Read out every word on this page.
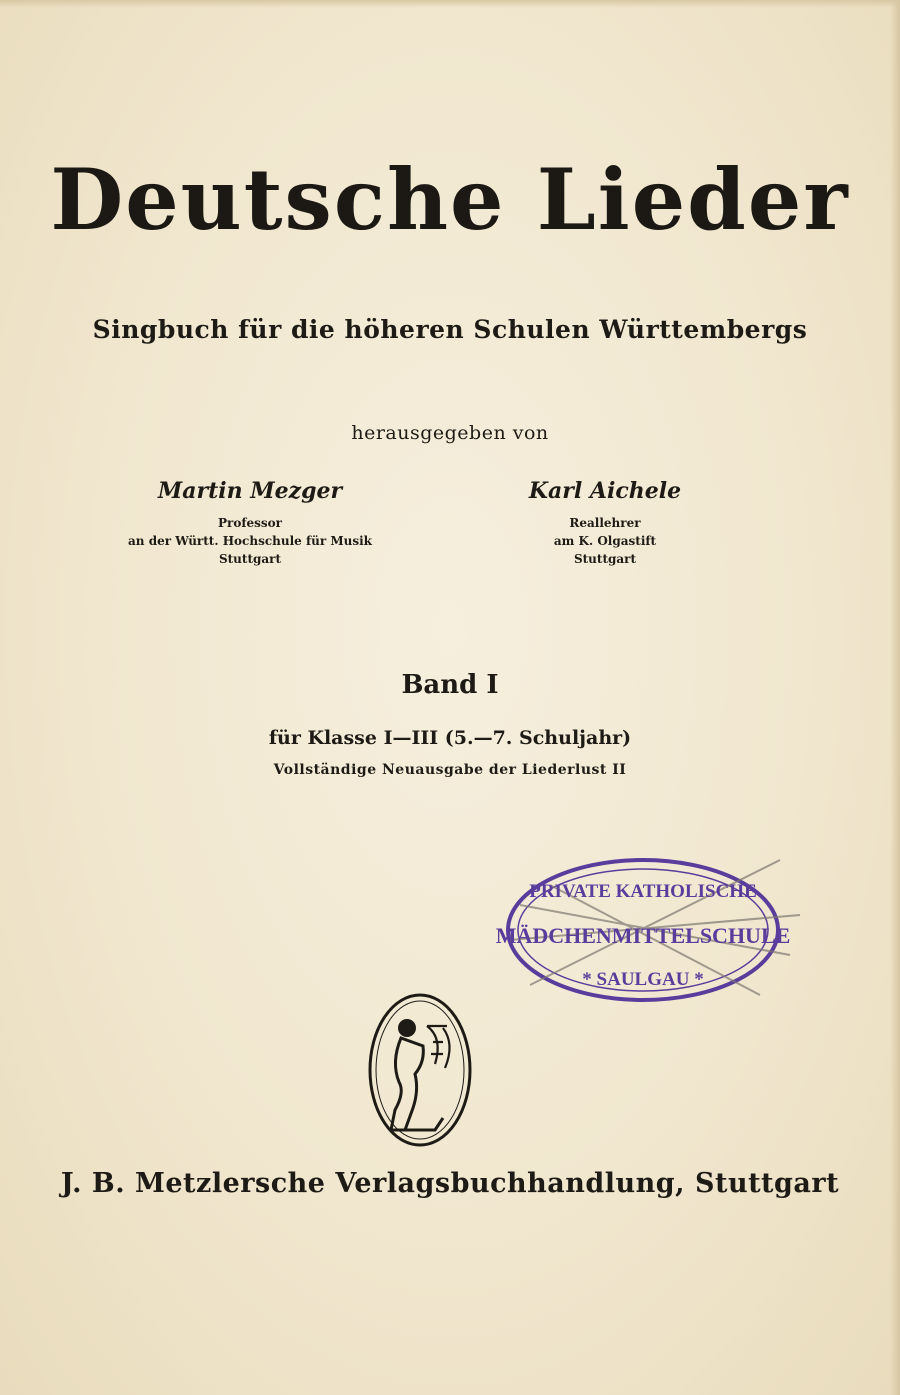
Deutsche Lieder
Singbuch für die höheren Schulen Württembergs
herausgegeben von
Martin Mezger
Professor
an der Württ. Hochschule für Musik
Stuttgart
Karl Aichele
Reallehrer
am K. Olgastift
Stuttgart
Band I
für Klasse I—III (5.—7. Schuljahr)
Vollständige Neuausgabe der Liederlust II
PRIVATE KATHOLISCHE
MÄDCHENMITTELSCHULE
* SAULGAU *
J. B. Metzlersche Verlagsbuchhandlung, Stuttgart
